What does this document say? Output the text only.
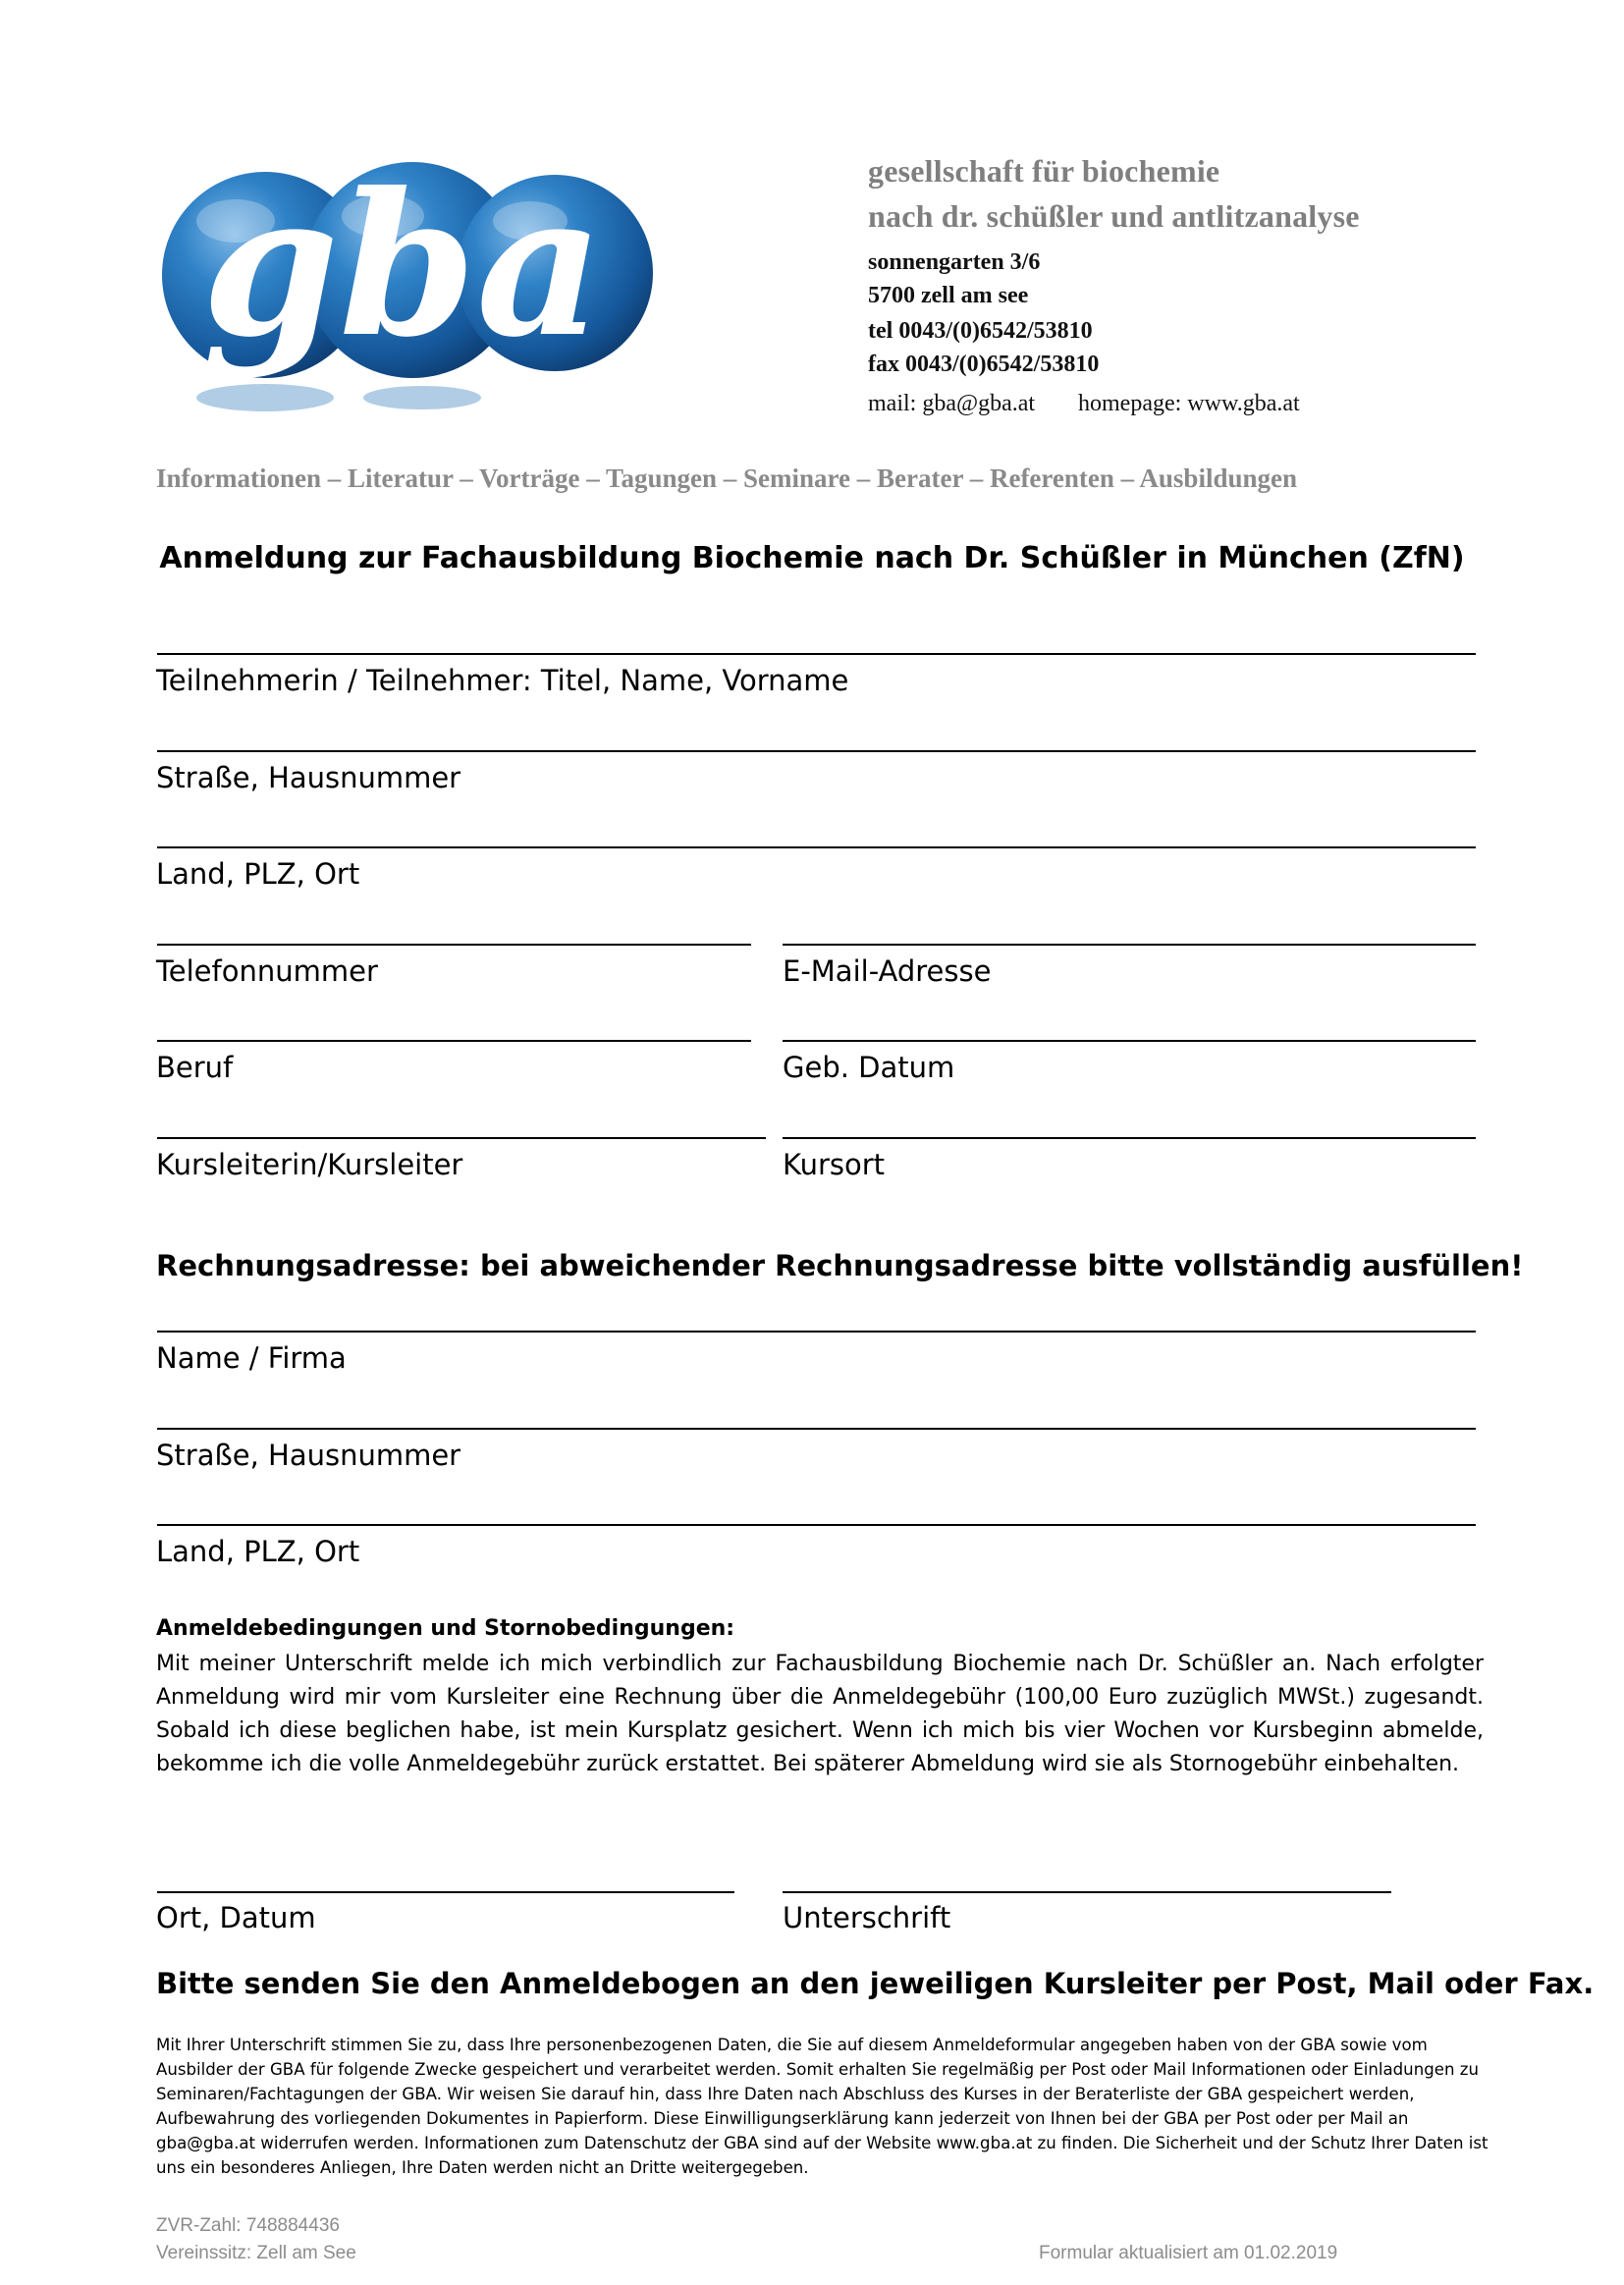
gba	gesellschaft für biochemie
nach dr. schüßler und antlitzanalyse
sonnengarten 3/6
5700 zell am see
tel 0043/(0)6542/53810
fax 0043/(0)6542/53810
mail: gba@gba.at homepage: www.gba.at
Informationen – Literatur – Vorträge – Tagungen – Seminare – Berater – Referenten – Ausbildungen
Anmeldung zur Fachausbildung Biochemie nach Dr. Schüßler in München (ZfN)
Teilnehmerin / Teilnehmer: Titel, Name, Vorname
Straße, Hausnummer
Land, PLZ, Ort
Telefonnummer	E-Mail-Adresse
Beruf	Geb. Datum
Kursleiterin/Kursleiter	Kursort
Rechnungsadresse: bei abweichender Rechnungsadresse bitte vollständig ausfüllen!
Name / Firma
Straße, Hausnummer
Land, PLZ, Ort
Anmeldebedingungen und Stornobedingungen:
Mit meiner Unterschrift melde ich mich verbindlich zur Fachausbildung Biochemie nach Dr. Schüßler an. Nach erfolgter Anmeldung wird mir vom Kursleiter eine Rechnung über die Anmeldegebühr (100,00 Euro zuzüglich MWSt.) zugesandt. Sobald ich diese beglichen habe, ist mein Kursplatz gesichert. Wenn ich mich bis vier Wochen vor Kursbeginn abmelde, bekomme ich die volle Anmeldegebühr zurück erstattet. Bei späterer Abmeldung wird sie als Stornogebühr einbehalten.
Ort, Datum	Unterschrift
Bitte senden Sie den Anmeldebogen an den jeweiligen Kursleiter per Post, Mail oder Fax.
Mit Ihrer Unterschrift stimmen Sie zu, dass Ihre personenbezogenen Daten, die Sie auf diesem Anmeldeformular angegeben haben von der GBA sowie vom Ausbilder der GBA für folgende Zwecke gespeichert und verarbeitet werden. Somit erhalten Sie regelmäßig per Post oder Mail Informationen oder Einladungen zu Seminaren/Fachtagungen der GBA. Wir weisen Sie darauf hin, dass Ihre Daten nach Abschluss des Kurses in der Beraterliste der GBA gespeichert werden, Aufbewahrung des vorliegenden Dokumentes in Papierform. Diese Einwilligungserklärung kann jederzeit von Ihnen bei der GBA per Post oder per Mail an gba@gba.at widerrufen werden. Informationen zum Datenschutz der GBA sind auf der Website www.gba.at zu finden. Die Sicherheit und der Schutz Ihrer Daten ist uns ein besonderes Anliegen, Ihre Daten werden nicht an Dritte weitergegeben.
ZVR-Zahl: 748884436
Vereinssitz: Zell am See	Formular aktualisiert am 01.02.2019
